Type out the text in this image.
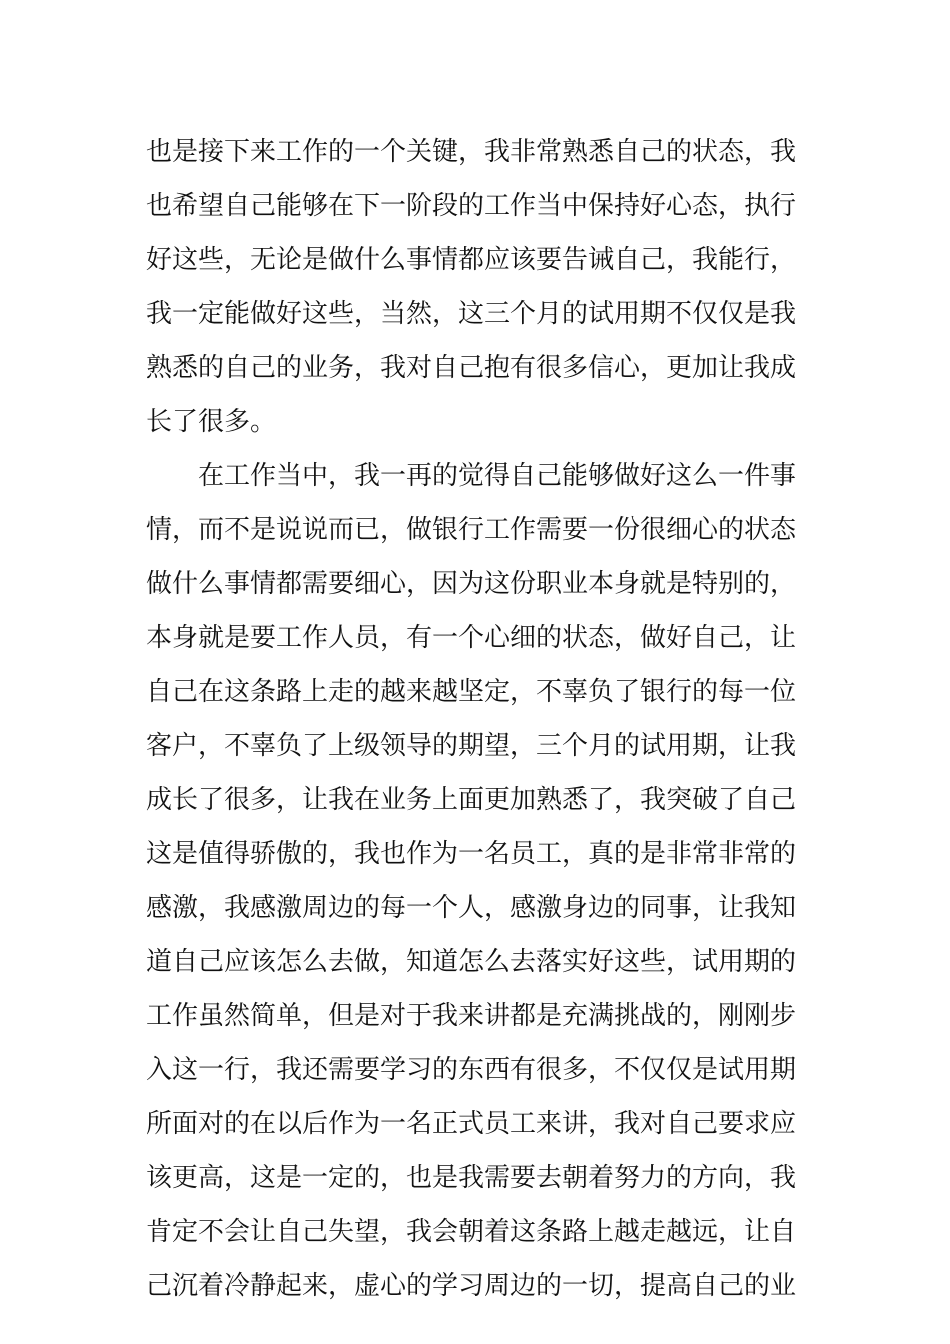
也是接下来工作的一个关键，我非常熟悉自己的状态，我
也希望自己能够在下一阶段的工作当中保持好心态，执行
好这些，无论是做什么事情都应该要告诫自己，我能行，
我一定能做好这些，当然，这三个月的试用期不仅仅是我
熟悉的自己的业务，我对自己抱有很多信心，更加让我成
长了很多。
　　在工作当中，我一再的觉得自己能够做好这么一件事
情，而不是说说而已，做银行工作需要一份很细心的状态
做什么事情都需要细心，因为这份职业本身就是特别的，
本身就是要工作人员，有一个心细的状态，做好自己，让
自己在这条路上走的越来越坚定，不辜负了银行的每一位
客户，不辜负了上级领导的期望，三个月的试用期，让我
成长了很多，让我在业务上面更加熟悉了，我突破了自己
这是值得骄傲的，我也作为一名员工，真的是非常非常的
感激，我感激周边的每一个人，感激身边的同事，让我知
道自己应该怎么去做，知道怎么去落实好这些，试用期的
工作虽然简单，但是对于我来讲都是充满挑战的，刚刚步
入这一行，我还需要学习的东西有很多，不仅仅是试用期
所面对的在以后作为一名正式员工来讲，我对自己要求应
该更高，这是一定的，也是我需要去朝着努力的方向，我
肯定不会让自己失望，我会朝着这条路上越走越远，让自
己沉着冷静起来，虚心的学习周边的一切，提高自己的业
